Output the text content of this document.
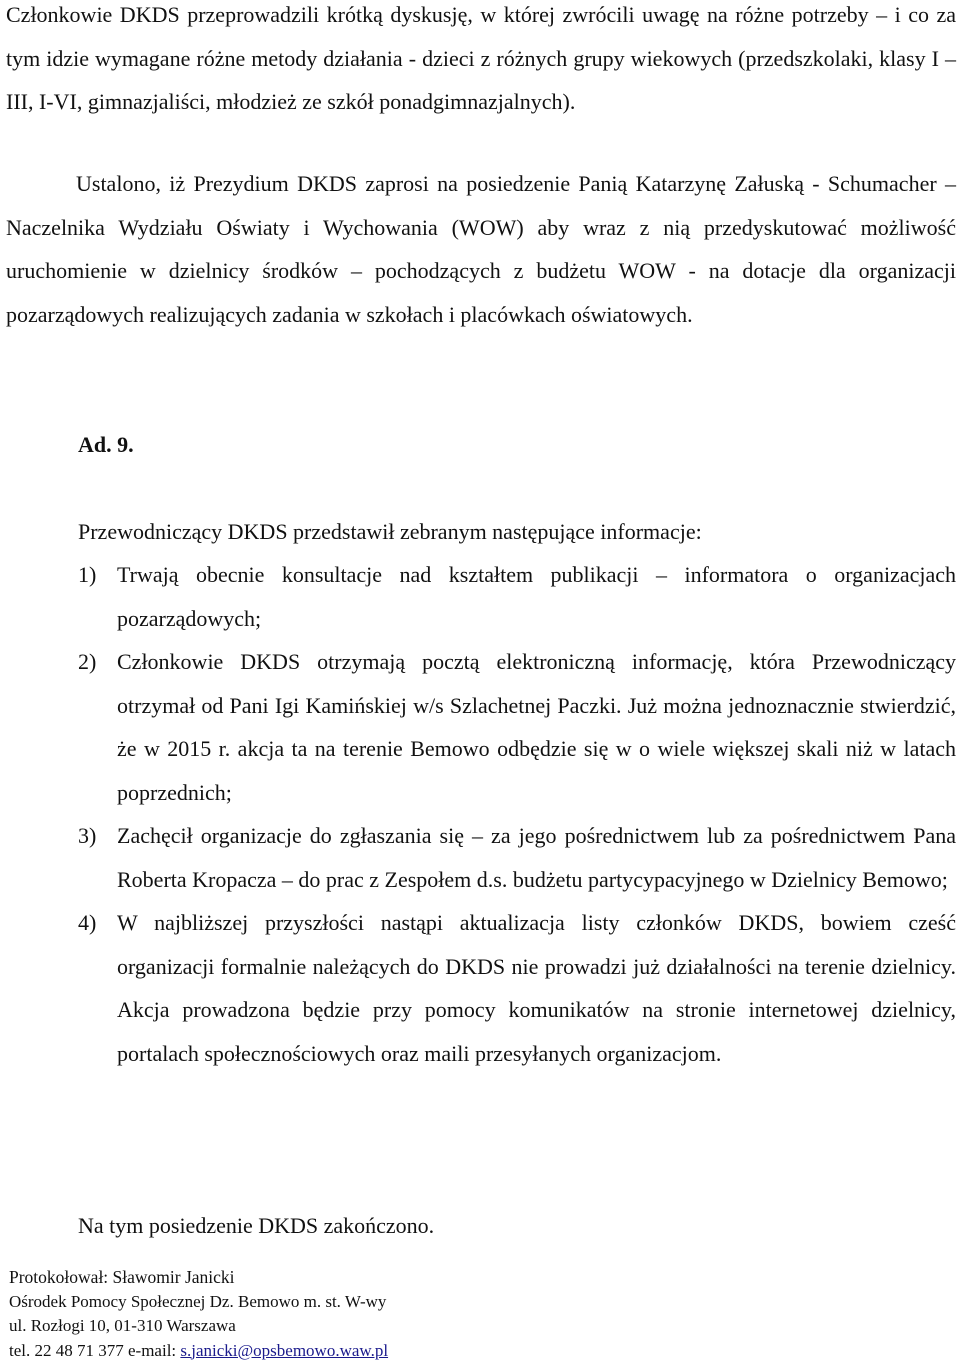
Członkowie DKDS przeprowadzili krótką dyskusję, w której zwrócili uwagę na różne potrzeby – i co za tym idzie wymagane różne metody działania - dzieci z różnych grupy wiekowych (przedszkolaki, klasy I – III, I-VI, gimnazjaliści, młodzież ze szkół ponadgimnazjalnych).

Ustalono, iż Prezydium DKDS zaprosi na posiedzenie Panią Katarzynę Załuską - Schumacher – Naczelnika Wydziału Oświaty i Wychowania (WOW) aby wraz z nią przedyskutować możliwość uruchomienie w dzielnicy środków – pochodzących z budżetu WOW - na dotacje dla organizacji pozarządowych realizujących zadania w szkołach i placówkach oświatowych.

Ad. 9.

Przewodniczący DKDS przedstawił zebranym następujące informacje:

1) Trwają obecnie konsultacje nad kształtem publikacji – informatora o organizacjach pozarządowych;
2) Członkowie DKDS otrzymają pocztą elektroniczną informację, która Przewodniczący otrzymał od Pani Igi Kamińskiej w/s Szlachetnej Paczki. Już można jednoznacznie stwierdzić, że w 2015 r. akcja ta na terenie Bemowo odbędzie się w o wiele większej skali niż w latach poprzednich;
3) Zachęcił organizacje do zgłaszania się – za jego pośrednictwem lub za pośrednictwem Pana Roberta Kropacza – do prac z Zespołem d.s. budżetu partycypacyjnego w Dzielnicy Bemowo;
4) W najbliższej przyszłości nastąpi aktualizacja listy członków DKDS, bowiem cześć organizacji formalnie należących do DKDS nie prowadzi już działalności na terenie dzielnicy. Akcja prowadzona będzie przy pomocy komunikatów na stronie internetowej dzielnicy, portalach społecznościowych oraz maili przesyłanych organizacjom.

Na tym posiedzenie DKDS zakończono.

Protokołował: Sławomir Janicki
Ośrodek Pomocy Społecznej Dz. Bemowo m. st. W-wy
ul. Rozłogi 10, 01-310 Warszawa
tel. 22 48 71 377 e-mail: s.janicki@opsbemowo.waw.pl
